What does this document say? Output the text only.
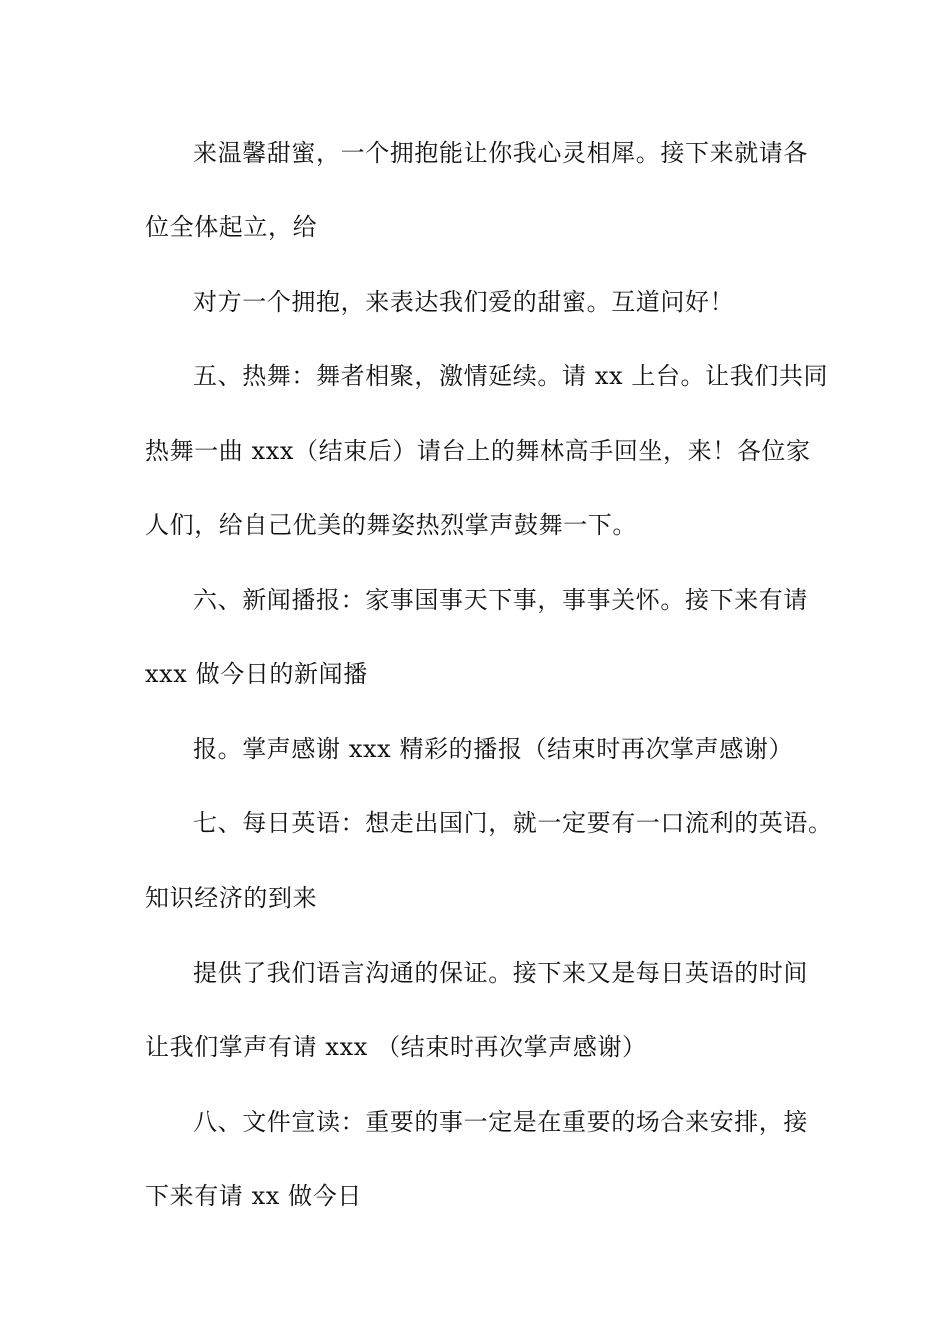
来温馨甜蜜，一个拥抱能让你我心灵相犀。接下来就请各
位全体起立，给
对方一个拥抱，来表达我们爱的甜蜜。互道问好！
五、热舞：舞者相聚，激情延续。请 xx 上台。让我们共同
热舞一曲 xxx（结束后）请台上的舞林高手回坐，来！各位家
人们，给自己优美的舞姿热烈掌声鼓舞一下。
六、新闻播报：家事国事天下事，事事关怀。接下来有请
xxx 做今日的新闻播
报。掌声感谢 xxx 精彩的播报（结束时再次掌声感谢）
七、每日英语：想走出国门，就一定要有一口流利的英语。
知识经济的到来
提供了我们语言沟通的保证。接下来又是每日英语的时间
让我们掌声有请 xxx （结束时再次掌声感谢）
八、文件宣读：重要的事一定是在重要的场合来安排，接
下来有请 xx 做今日
